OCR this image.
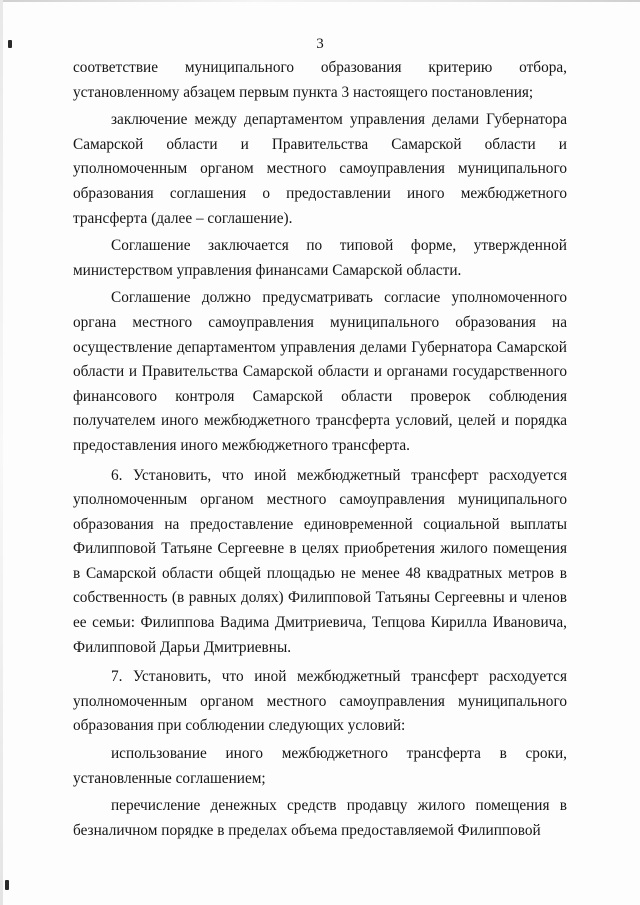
3

соответствие муниципального образования критерию отбора, установленному абзацем первым пункта 3 настоящего постановления;

заключение между департаментом управления делами Губернатора Самарской области и Правительства Самарской области и уполномоченным органом местного самоуправления муниципального образования соглашения о предоставлении иного межбюджетного трансферта (далее – соглашение).

Соглашение заключается по типовой форме, утвержденной министерством управления финансами Самарской области.

Соглашение должно предусматривать согласие уполномоченного органа местного самоуправления муниципального образования на осуществление департаментом управления делами Губернатора Самарской области и Правительства Самарской области и органами государственного финансового контроля Самарской области проверок соблюдения получателем иного межбюджетного трансферта условий, целей и порядка предоставления иного межбюджетного трансферта.

6. Установить, что иной межбюджетный трансферт расходуется уполномоченным органом местного самоуправления муниципального образования на предоставление единовременной социальной выплаты Филипповой Татьяне Сергеевне в целях приобретения жилого помещения в Самарской области общей площадью не менее 48 квадратных метров в собственность (в равных долях) Филипповой Татьяны Сергеевны и членов ее семьи: Филиппова Вадима Дмитриевича, Тепцова Кирилла Ивановича, Филипповой Дарьи Дмитриевны.

7. Установить, что иной межбюджетный трансферт расходуется уполномоченным органом местного самоуправления муниципального образования при соблюдении следующих условий:

использование иного межбюджетного трансферта в сроки, установленные соглашением;

перечисление денежных средств продавцу жилого помещения в безналичном порядке в пределах объема предоставляемой Филипповой
